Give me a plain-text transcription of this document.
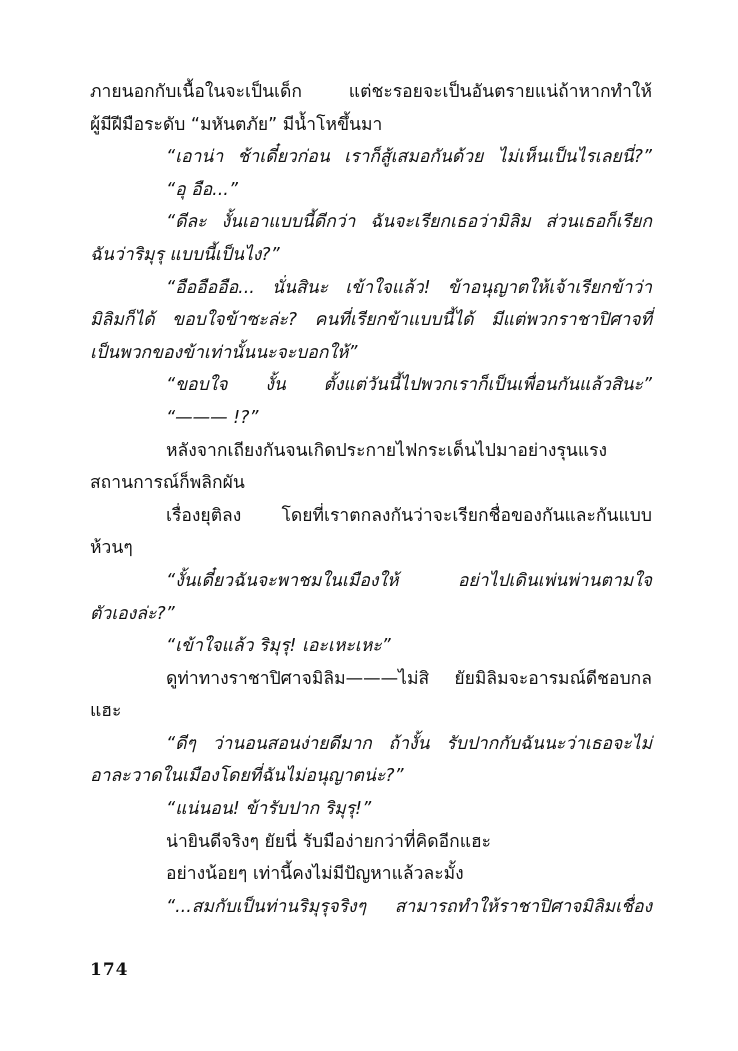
ภายนอกกับเนื้อในจะเป็นเด็ก แต่ชะรอยจะเป็นอันตรายแน่ถ้าหากทำให้
ผู้มีฝีมือระดับ “มหันตภัย” มีน้ำโหขึ้นมา
“เอาน่า ช้าเดี๋ยวก่อน เราก็สู้เสมอกันด้วย ไม่เห็นเป็นไรเลยนี่?”
“อุ อือ...”
“ดีละ งั้นเอาแบบนี้ดีกว่า ฉันจะเรียกเธอว่ามิลิม ส่วนเธอก็เรียก
ฉันว่าริมุรุ แบบนี้เป็นไง?”
“อืออืออือ... นั่นสินะ เข้าใจแล้ว! ข้าอนุญาตให้เจ้าเรียกข้าว่า
มิลิมก็ได้ ขอบใจข้าซะล่ะ? คนที่เรียกข้าแบบนี้ได้ มีแต่พวกราชาปิศาจที่
เป็นพวกของข้าเท่านั้นนะจะบอกให้”
“ขอบใจ งั้น ตั้งแต่วันนี้ไปพวกเราก็เป็นเพื่อนกันแล้วสินะ”
“——— !?”
หลังจากเถียงกันจนเกิดประกายไฟกระเด็นไปมาอย่างรุนแรง
สถานการณ์ก็พลิกผัน
เรื่องยุติลง โดยที่เราตกลงกันว่าจะเรียกชื่อของกันและกันแบบ
ห้วนๆ
“งั้นเดี๋ยวฉันจะพาชมในเมืองให้ อย่าไปเดินเพ่นพ่านตามใจ
ตัวเองล่ะ?”
“เข้าใจแล้ว ริมุรุ! เอะเหะเหะ”
ดูท่าทางราชาปิศาจมิลิม———ไม่สิ ยัยมิลิมจะอารมณ์ดีชอบกล
แฮะ
“ดีๆ ว่านอนสอนง่ายดีมาก ถ้างั้น รับปากกับฉันนะว่าเธอจะไม่
อาละวาดในเมืองโดยที่ฉันไม่อนุญาตน่ะ?”
“แน่นอน! ข้ารับปาก ริมุรุ!”
น่ายินดีจริงๆ ยัยนี่ รับมือง่ายกว่าที่คิดอีกแฮะ
อย่างน้อยๆ เท่านี้คงไม่มีปัญหาแล้วละมั้ง
“...สมกับเป็นท่านริมุรุจริงๆ สามารถทำให้ราชาปิศาจมิลิมเชื่อง
174
